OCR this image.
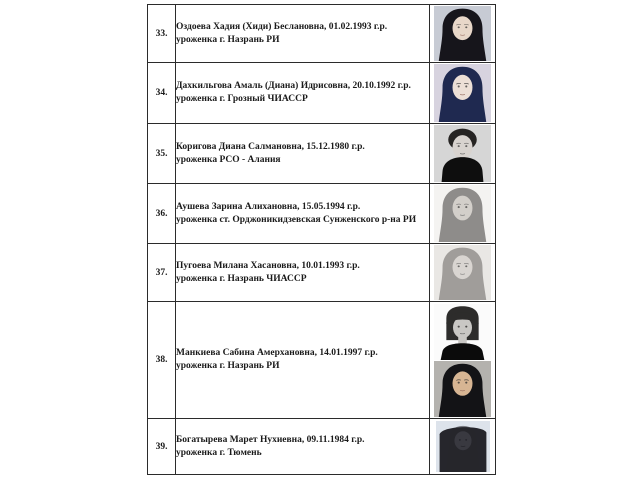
33.	Оздоева Хадия (Хиди) Беслановна, 01.02.1993 г.р.
уроженка г. Назрань РИ

34.	Дахкильгова Амаль (Диана) Идрисовна, 20.10.1992 г.р.
уроженка г. Грозный ЧИАССР

35.	Коригова Диана Салмановна, 15.12.1980 г.р.
уроженка РСО - Алания

36.	Аушева Зарина Алихановна, 15.05.1994 г.р.
уроженка ст. Орджоникидзевская Сунженского р-на РИ

37.	Пугоева Милана Хасановна, 10.01.1993 г.р.
уроженка г. Назрань ЧИАССР

38.	Манкиева Сабина Амерхановна, 14.01.1997 г.р.
уроженка г. Назрань РИ

39.	Богатырева Марет Нухиевна, 09.11.1984 г.р.
уроженка г. Тюмень
